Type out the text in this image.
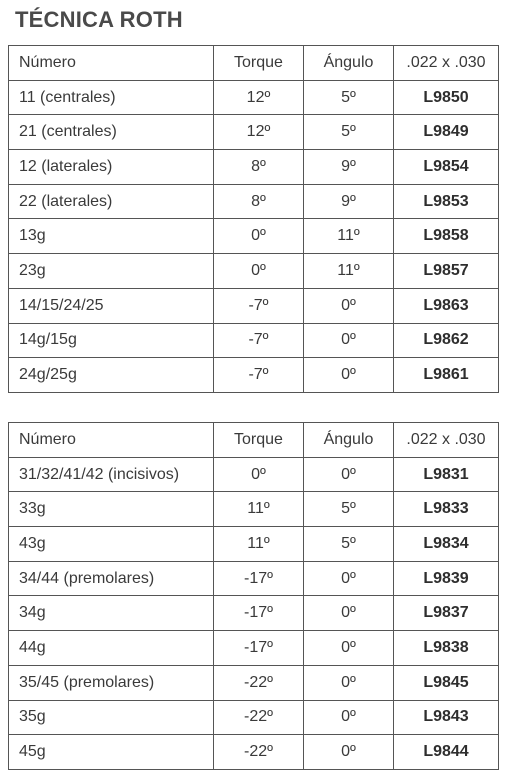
TÉCNICA ROTH
Número	Torque	Ángulo	.022 x .030
11 (centrales)	12º	5º	L9850
21 (centrales)	12º	5º	L9849
12 (laterales)	8º	9º	L9854
22 (laterales)	8º	9º	L9853
13g	0º	11º	L9858
23g	0º	11º	L9857
14/15/24/25	-7º	0º	L9863
14g/15g	-7º	0º	L9862
24g/25g	-7º	0º	L9861
Número	Torque	Ángulo	.022 x .030
31/32/41/42 (incisivos)	0º	0º	L9831
33g	11º	5º	L9833
43g	11º	5º	L9834
34/44 (premolares)	-17º	0º	L9839
34g	-17º	0º	L9837
44g	-17º	0º	L9838
35/45 (premolares)	-22º	0º	L9845
35g	-22º	0º	L9843
45g	-22º	0º	L9844
